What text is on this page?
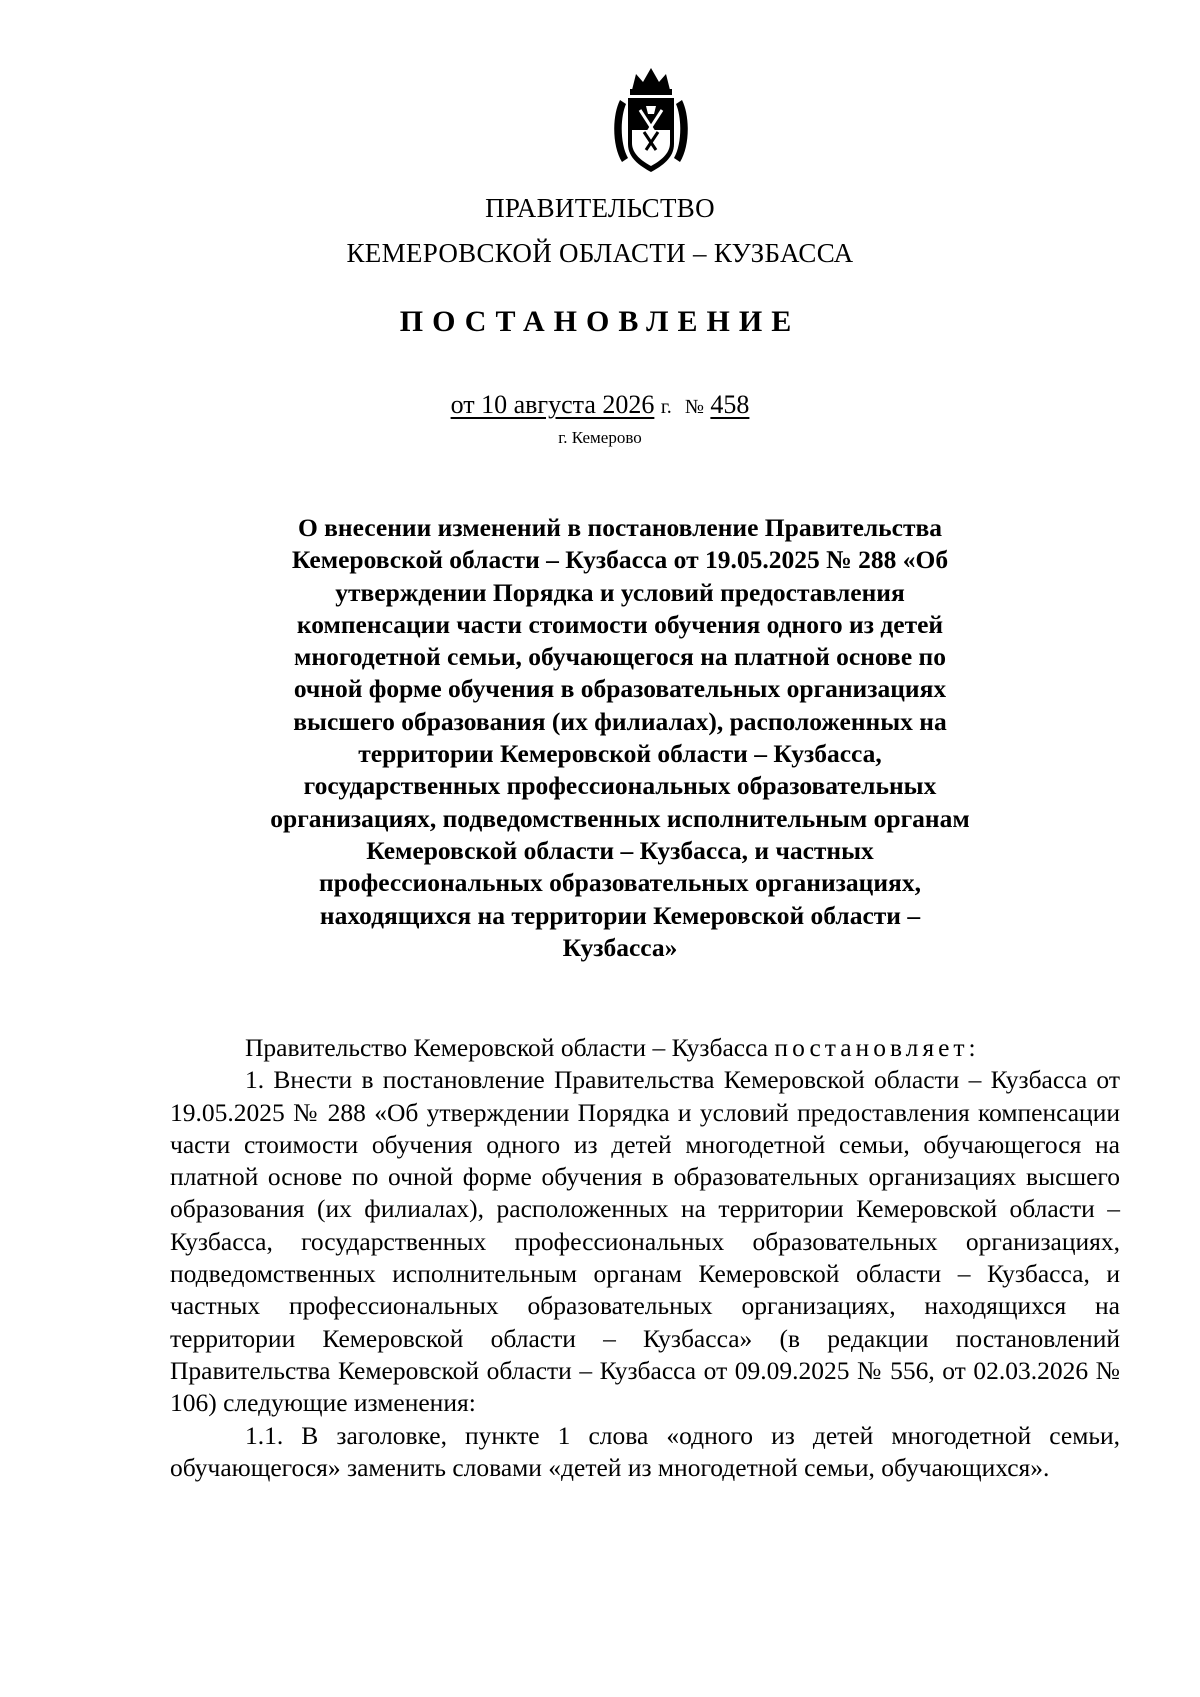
ПРАВИТЕЛЬСТВО
КЕМЕРОВСКОЙ ОБЛАСТИ – КУЗБАССА
ПОСТАНОВЛЕНИЕ
от 10 августа 2026 г. № 458
г. Кемерово
О внесении изменений в постановление Правительства Кемеровской области – Кузбасса от 19.05.2025 № 288 «Об утверждении Порядка и условий предоставления компенсации части стоимости обучения одного из детей многодетной семьи, обучающегося на платной основе по очной форме обучения в образовательных организациях высшего образования (их филиалах), расположенных на территории Кемеровской области – Кузбасса, государственных профессиональных образовательных организациях, подведомственных исполнительным органам Кемеровской области – Кузбасса, и частных профессиональных образовательных организациях, находящихся на территории Кемеровской области – Кузбасса»

Правительство Кемеровской области – Кузбасса постановляет:

1. Внести в постановление Правительства Кемеровской области – Кузбасса от 19.05.2025 № 288 «Об утверждении Порядка и условий предоставления компенсации части стоимости обучения одного из детей многодетной семьи, обучающегося на платной основе по очной форме обучения в образовательных организациях высшего образования (их филиалах), расположенных на территории Кемеровской области – Кузбасса, государственных профессиональных образовательных организациях, подведомственных исполнительным органам Кемеровской области – Кузбасса, и частных профессиональных образовательных организациях, находящихся на территории Кемеровской области – Кузбасса» (в редакции постановлений Правительства Кемеровской области – Кузбасса от 09.09.2025 № 556, от 02.03.2026 № 106) следующие изменения:

1.1. В заголовке, пункте 1 слова «одного из детей многодетной семьи, обучающегося» заменить словами «детей из многодетной семьи, обучающихся».
